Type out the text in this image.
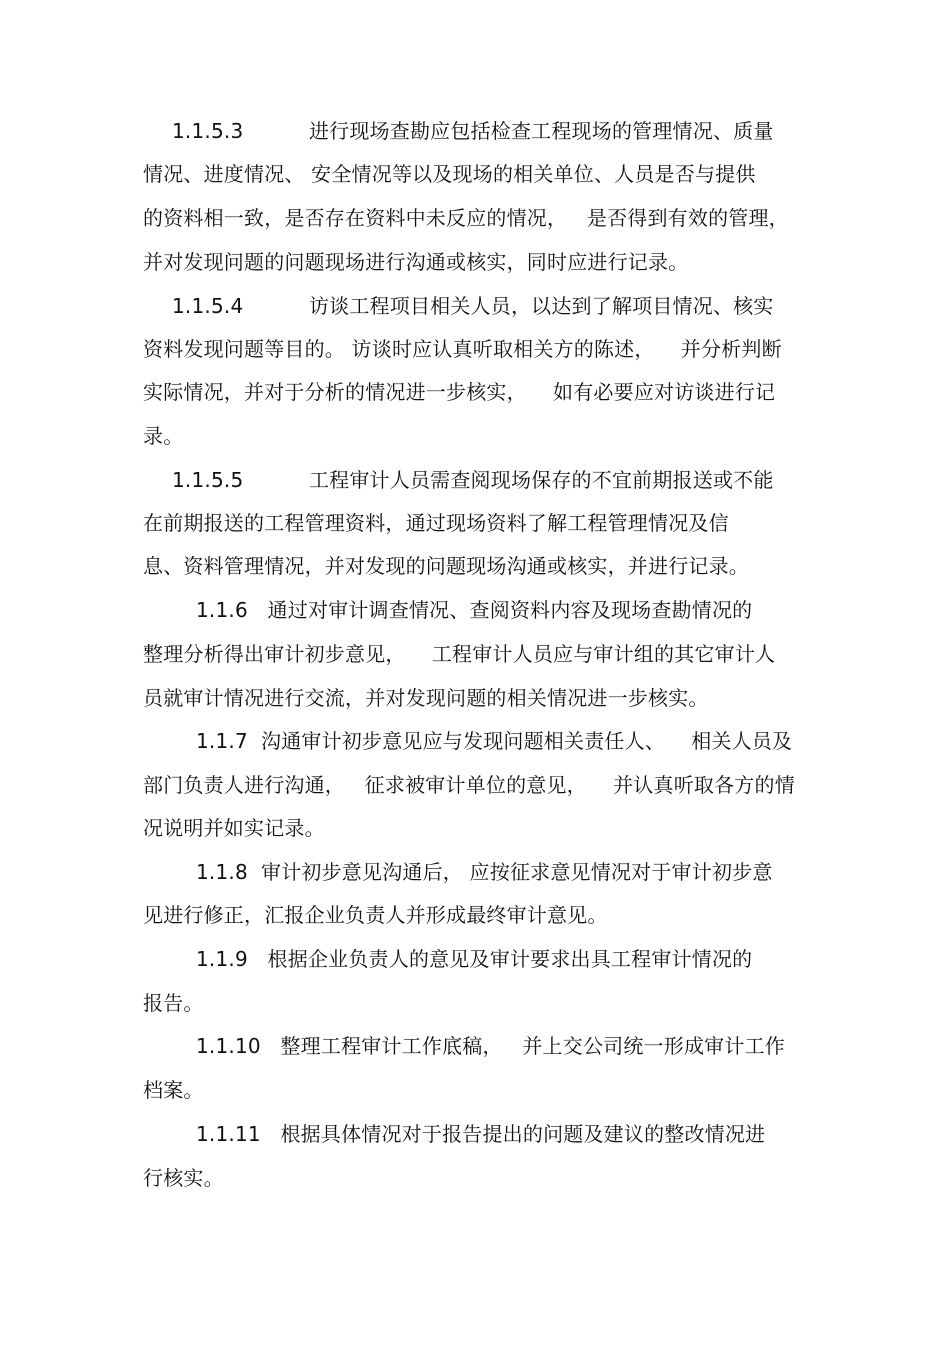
1.1.5.3          进行现场查勘应包括检查工程现场的管理情况、质量
情况、进度情况、 安全情况等以及现场的相关单位、人员是否与提供
的资料相一致，是否存在资料中未反应的情况，   是否得到有效的管理，
并对发现问题的问题现场进行沟通或核实，同时应进行记录。
1.1.5.4          访谈工程项目相关人员，以达到了解项目情况、核实
资料发现问题等目的。 访谈时应认真听取相关方的陈述，    并分析判断
实际情况，并对于分析的情况进一步核实，    如有必要应对访谈进行记
录。
1.1.5.5          工程审计人员需查阅现场保存的不宜前期报送或不能
在前期报送的工程管理资料，通过现场资料了解工程管理情况及信
息、资料管理情况，并对发现的问题现场沟通或核实，并进行记录。
1.1.6   通过对审计调查情况、查阅资料内容及现场查勘情况的
整理分析得出审计初步意见，    工程审计人员应与审计组的其它审计人
员就审计情况进行交流，并对发现问题的相关情况进一步核实。
1.1.7  沟通审计初步意见应与发现问题相关责任人、    相关人员及
部门负责人进行沟通，   征求被审计单位的意见，    并认真听取各方的情
况说明并如实记录。
1.1.8  审计初步意见沟通后， 应按征求意见情况对于审计初步意
见进行修正，汇报企业负责人并形成最终审计意见。
1.1.9   根据企业负责人的意见及审计要求出具工程审计情况的
报告。
1.1.10   整理工程审计工作底稿，   并上交公司统一形成审计工作
档案。
1.1.11   根据具体情况对于报告提出的问题及建议的整改情况进
行核实。
